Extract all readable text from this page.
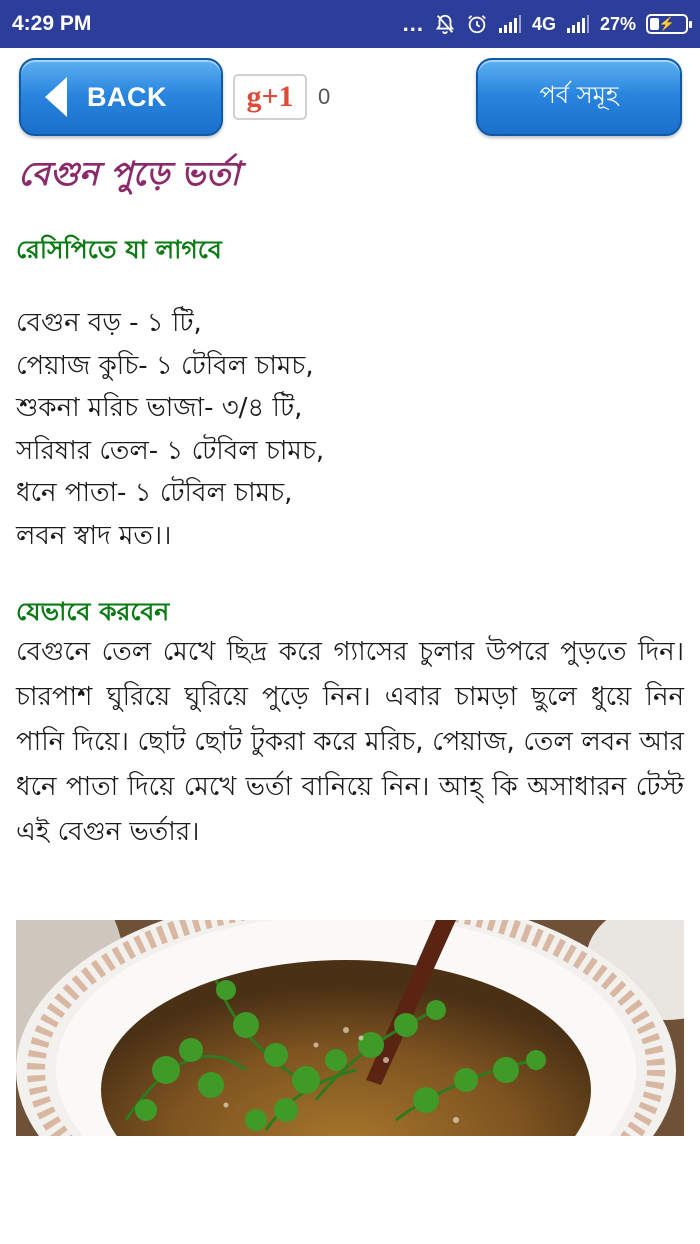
4:29 PM	...	4G 27% ⚡
BACK	g+1 0	পর্ব সমূহ
বেগুন পুড়ে ভর্তা
রেসিপিতে যা লাগবে
বেগুন বড় - ১ টি,
পেয়াজ কুচি- ১ টেবিল চামচ,
শুকনা মরিচ ভাজা- ৩/৪ টি,
সরিষার তেল- ১ টেবিল চামচ,
ধনে পাতা- ১ টেবিল চামচ,
লবন স্বাদ মত।।
যেভাবে করবেন

বেগুনে তেল মেখে ছিদ্র করে গ্যাসের চুলার উপরে পুড়তে দিন। চারপাশ ঘুরিয়ে ঘুরিয়ে পুড়ে নিন। এবার চামড়া ছুলে ধুয়ে নিন পানি দিয়ে। ছোট ছোট টুকরা করে মরিচ, পেয়াজ, তেল লবন আর ধনে পাতা দিয়ে মেখে ভর্তা বানিয়ে নিন। আহ্‌ কি অসাধারন টেস্ট এই বেগুন ভর্তার।
